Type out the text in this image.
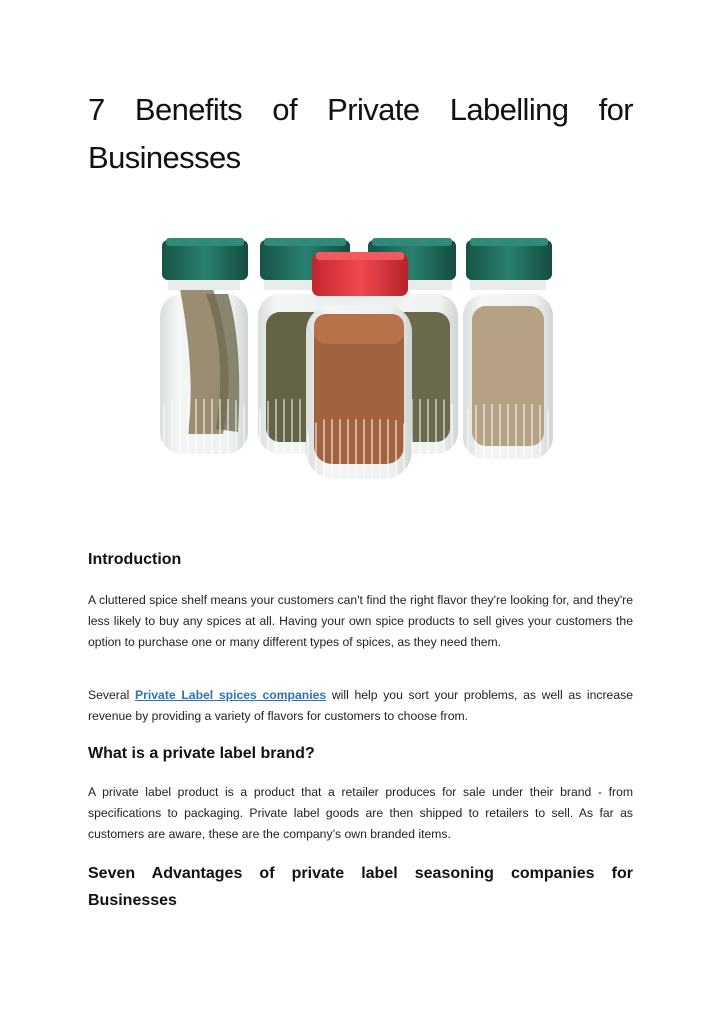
7 Benefits of Private Labelling for Businesses
Introduction

A cluttered spice shelf means your customers can't find the right flavor they're looking for, and they're less likely to buy any spices at all. Having your own spice products to sell gives your customers the option to purchase one or many different types of spices, as they need them.

Several Private Label spices companies will help you sort your problems, as well as increase revenue by providing a variety of flavors for customers to choose from.

What is a private label brand?

A private label product is a product that a retailer produces for sale under their brand - from specifications to packaging. Private label goods are then shipped to retailers to sell. As far as customers are aware, these are the company’s own branded items.

Seven Advantages of private label seasoning companies for Businesses
